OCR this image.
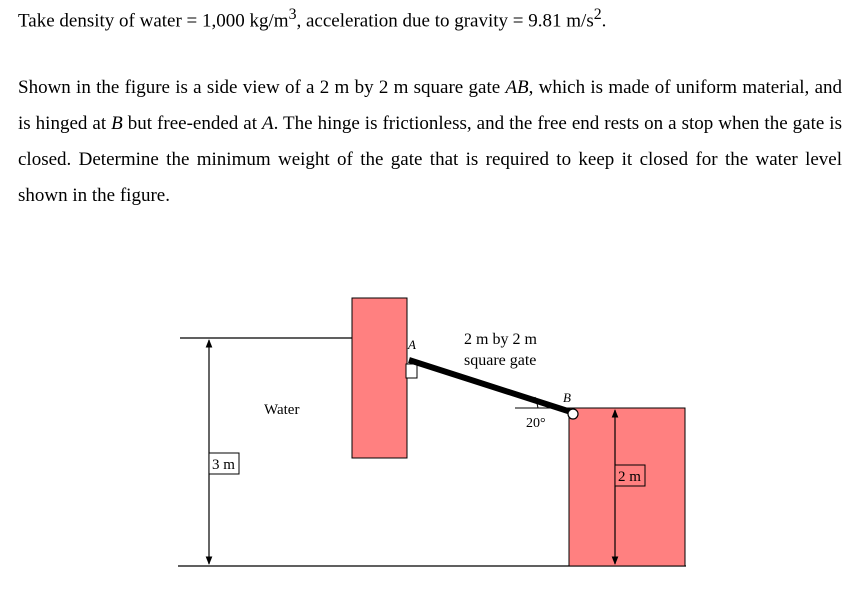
Take density of water = 1,000 $kg/m^3$, acceleration due to gravity = 9.81 $m/s^2$.
Shown in the figure is a side view of a 2 m by 2 m square gate AB, which is made of uniform material, and is hinged at B but free-ended at A. The hinge is frictionless, and the free end rests on a stop when the gate is closed. Determine the minimum weight of the gate that is required to keep it closed for the water level shown in the figure.
A
B
2 m by 2 m
square gate
Water
20°
3 m
2 m
